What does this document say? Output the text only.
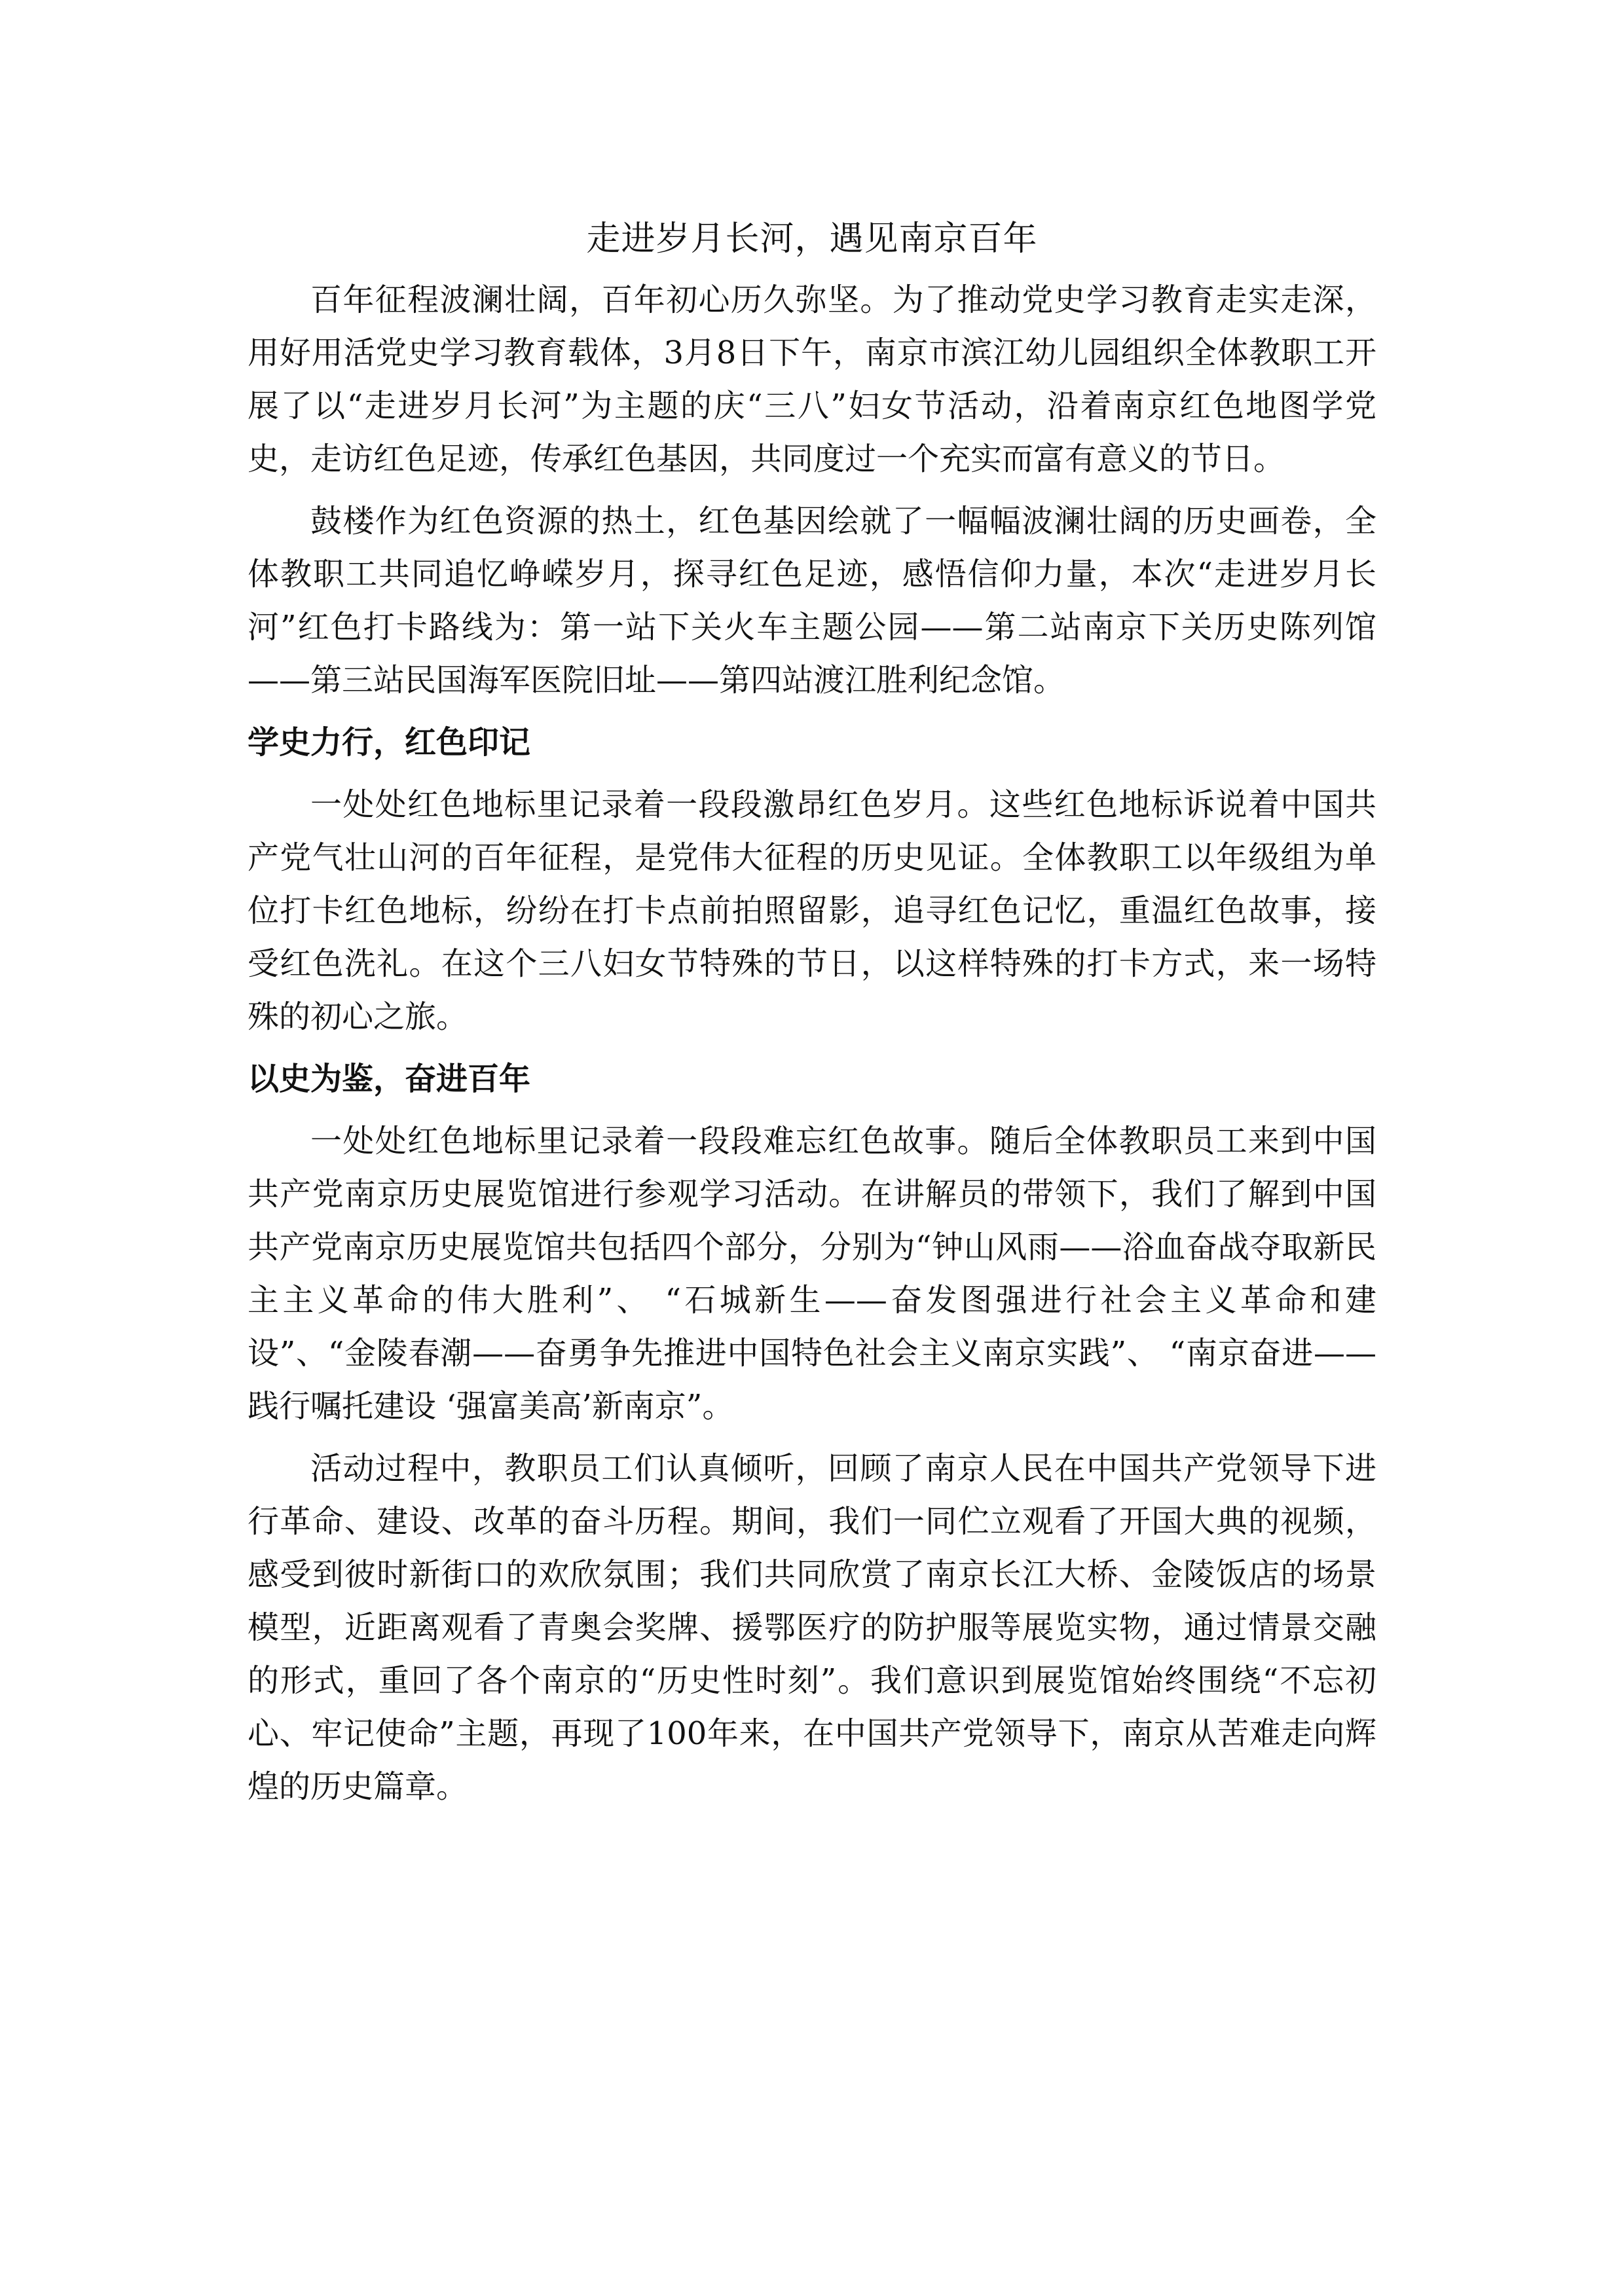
走进岁月长河，遇见南京百年

百年征程波澜壮阔，百年初心历久弥坚。为了推动党史学习教育走实走深，用好用活党史学习教育载体，3月8日下午，南京市滨江幼儿园组织全体教职工开展了以“走进岁月长河”为主题的庆“三八”妇女节活动，沿着南京红色地图学党史，走访红色足迹，传承红色基因，共同度过一个充实而富有意义的节日。

鼓楼作为红色资源的热土，红色基因绘就了一幅幅波澜壮阔的历史画卷，全体教职工共同追忆峥嵘岁月，探寻红色足迹，感悟信仰力量，本次“走进岁月长河”红色打卡路线为：第一站下关火车主题公园——第二站南京下关历史陈列馆——第三站民国海军医院旧址——第四站渡江胜利纪念馆。

学史力行，红色印记

一处处红色地标里记录着一段段激昂红色岁月。这些红色地标诉说着中国共产党气壮山河的百年征程，是党伟大征程的历史见证。全体教职工以年级组为单位打卡红色地标，纷纷在打卡点前拍照留影，追寻红色记忆，重温红色故事，接受红色洗礼。在这个三八妇女节特殊的节日，以这样特殊的打卡方式，来一场特殊的初心之旅。

以史为鉴，奋进百年

一处处红色地标里记录着一段段难忘红色故事。随后全体教职员工来到中国共产党南京历史展览馆进行参观学习活动。在讲解员的带领下，我们了解到中国共产党南京历史展览馆共包括四个部分，分别为“钟山风雨——浴血奋战夺取新民主主义革命的伟大胜利”、 “石城新生——奋发图强进行社会主义革命和建设”、“金陵春潮——奋勇争先推进中国特色社会主义南京实践”、 “南京奋进——践行嘱托建设 ‘强富美高’新南京”。

活动过程中，教职员工们认真倾听，回顾了南京人民在中国共产党领导下进行革命、建设、改革的奋斗历程。期间，我们一同伫立观看了开国大典的视频，感受到彼时新街口的欢欣氛围；我们共同欣赏了南京长江大桥、金陵饭店的场景模型，近距离观看了青奥会奖牌、援鄂医疗的防护服等展览实物，通过情景交融的形式，重回了各个南京的“历史性时刻”。我们意识到展览馆始终围绕“不忘初心、牢记使命”主题，再现了100年来，在中国共产党领导下，南京从苦难走向辉煌的历史篇章。
